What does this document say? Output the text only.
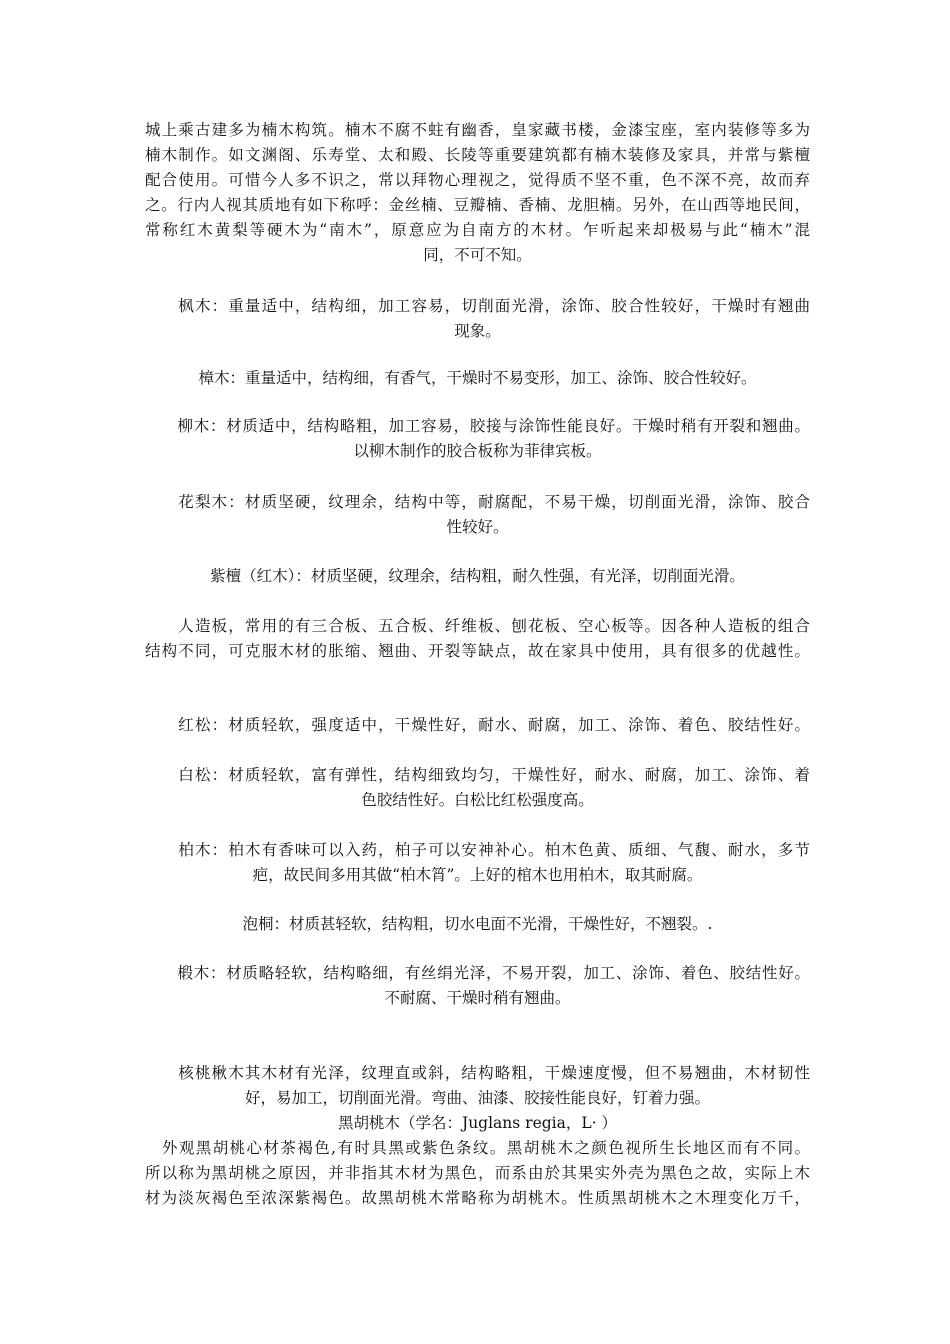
城上乘古建多为楠木构筑。楠木不腐不蛀有幽香，皇家藏书楼，金漆宝座，室内装修等多为
楠木制作。如文渊阁、乐寿堂、太和殿、长陵等重要建筑都有楠木装修及家具，并常与紫檀
配合使用。可惜今人多不识之，常以拜物心理视之，觉得质不坚不重，色不深不亮，故而弃
之。行内人视其质地有如下称呼：金丝楠、豆瓣楠、香楠、龙胆楠。另外，在山西等地民间，
常称红木黄梨等硬木为“南木”，原意应为自南方的木材。乍听起来却极易与此“楠木”混
同，不可不知。
　　枫木：重量适中，结构细，加工容易，切削面光滑，涂饰、胶合性较好，干燥时有翘曲
现象。
樟木：重量适中，结构细，有香气，干燥时不易变形，加工、涂饰、胶合性较好。
　　柳木：材质适中，结构略粗，加工容易，胶接与涂饰性能良好。干燥时稍有开裂和翘曲。
以柳木制作的胶合板称为菲律宾板。
　　花梨木：材质坚硬，纹理余，结构中等，耐腐配，不易干燥，切削面光滑，涂饰、胶合
性较好。
紫檀（红木）：材质坚硬，纹理余，结构粗，耐久性强，有光泽，切削面光滑。
　　人造板，常用的有三合板、五合板、纤维板、刨花板、空心板等。因各种人造板的组合
结构不同，可克服木材的胀缩、翘曲、开裂等缺点，故在家具中使用，具有很多的优越性。
　　红松：材质轻软，强度适中，干燥性好，耐水、耐腐，加工、涂饰、着色、胶结性好。
　　白松：材质轻软，富有弹性，结构细致均匀，干燥性好，耐水、耐腐，加工、涂饰、着
色胶结性好。白松比红松强度高。
　　柏木：柏木有香味可以入药，柏子可以安神补心。柏木色黄、质细、气馥、耐水，多节
疤，故民间多用其做“柏木筲”。上好的棺木也用柏木，取其耐腐。
泡桐：材质甚轻软，结构粗，切水电面不光滑，干燥性好，不翘裂。.
　　椴木：材质略轻软，结构略细，有丝绢光泽，不易开裂，加工、涂饰、着色、胶结性好。
不耐腐、干燥时稍有翘曲。
　　核桃楸木其木材有光泽，纹理直或斜，结构略粗，干燥速度慢，但不易翘曲，木材韧性
好，易加工，切削面光滑。弯曲、油漆、胶接性能良好，钉着力强。
黑胡桃木（学名：Juglans regia，L· ）
　外观黑胡桃心材茶褐色,有时具黑或紫色条纹。黑胡桃木之颜色视所生长地区而有不同。
所以称为黑胡桃之原因，并非指其木材为黑色，而系由於其果实外壳为黑色之故，实际上木
材为淡灰褐色至浓深紫褐色。故黑胡桃木常略称为胡桃木。性质黑胡桃木之木理变化万千，
